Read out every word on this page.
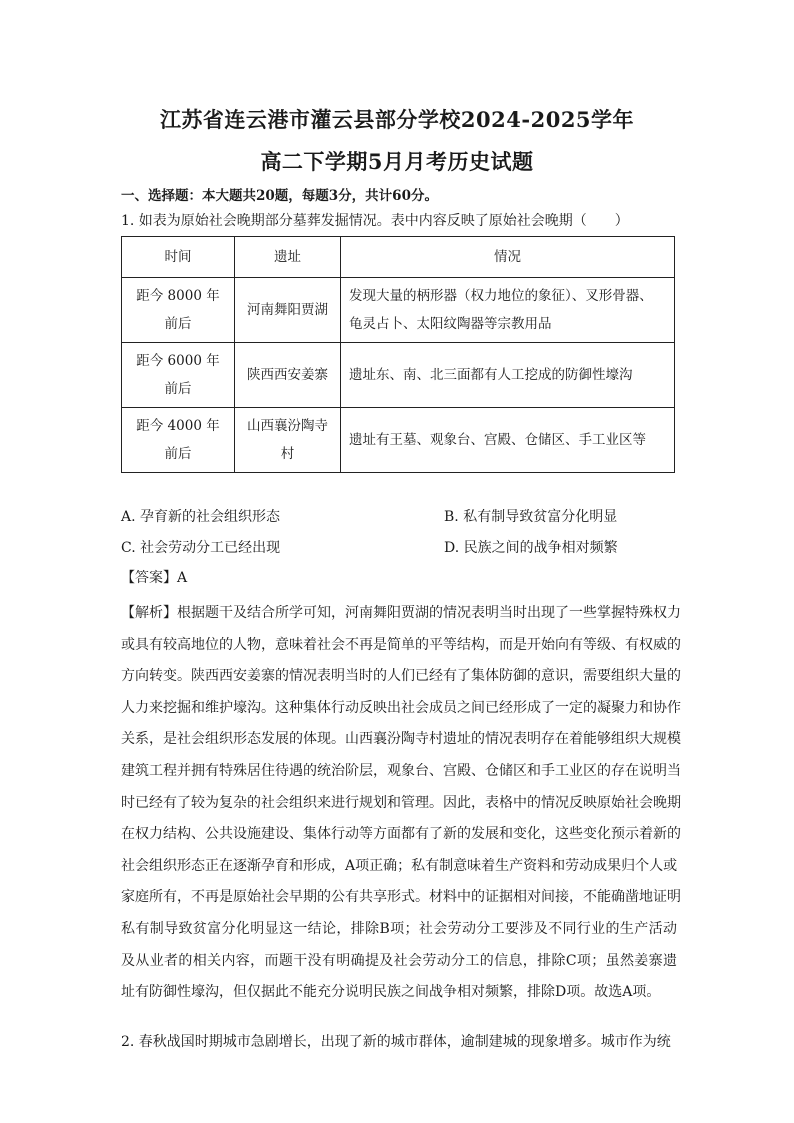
江苏省连云港市灌云县部分学校2024-2025学年
高二下学期5月月考历史试题
一、选择题：本大题共20题，每题3分，共计60分。
1. 如表为原始社会晚期部分墓葬发掘情况。表中内容反映了原始社会晚期（　　）
时间	遗址	情况
距今 8000 年前后	河南舞阳贾湖	发现大量的柄形器（权力地位的象征）、叉形骨器、龟灵占卜、太阳纹陶器等宗教用品
距今 6000 年前后	陕西西安姜寨	遗址东、南、北三面都有人工挖成的防御性壕沟
距今 4000 年前后	山西襄汾陶寺村	遗址有王墓、观象台、宫殿、仓储区、手工业区等
A. 孕育新的社会组织形态	B. 私有制导致贫富分化明显
C. 社会劳动分工已经出现	D. 民族之间的战争相对频繁
【答案】A
【解析】根据题干及结合所学可知，河南舞阳贾湖的情况表明当时出现了一些掌握特殊权力
或具有较高地位的人物，意味着社会不再是简单的平等结构，而是开始向有等级、有权威的
方向转变。陕西西安姜寨的情况表明当时的人们已经有了集体防御的意识，需要组织大量的
人力来挖掘和维护壕沟。这种集体行动反映出社会成员之间已经形成了一定的凝聚力和协作
关系，是社会组织形态发展的体现。山西襄汾陶寺村遗址的情况表明存在着能够组织大规模
建筑工程并拥有特殊居住待遇的统治阶层，观象台、宫殿、仓储区和手工业区的存在说明当
时已经有了较为复杂的社会组织来进行规划和管理。因此，表格中的情况反映原始社会晚期
在权力结构、公共设施建设、集体行动等方面都有了新的发展和变化，这些变化预示着新的
社会组织形态正在逐渐孕育和形成，A项正确；私有制意味着生产资料和劳动成果归个人或
家庭所有，不再是原始社会早期的公有共享形式。材料中的证据相对间接，不能确凿地证明
私有制导致贫富分化明显这一结论，排除B项；社会劳动分工要涉及不同行业的生产活动
及从业者的相关内容，而题干没有明确提及社会劳动分工的信息，排除C项；虽然姜寨遗
址有防御性壕沟，但仅据此不能充分说明民族之间战争相对频繁，排除D项。故选A项。
2. 春秋战国时期城市急剧增长，出现了新的城市群体，逾制建城的现象增多。城市作为统
